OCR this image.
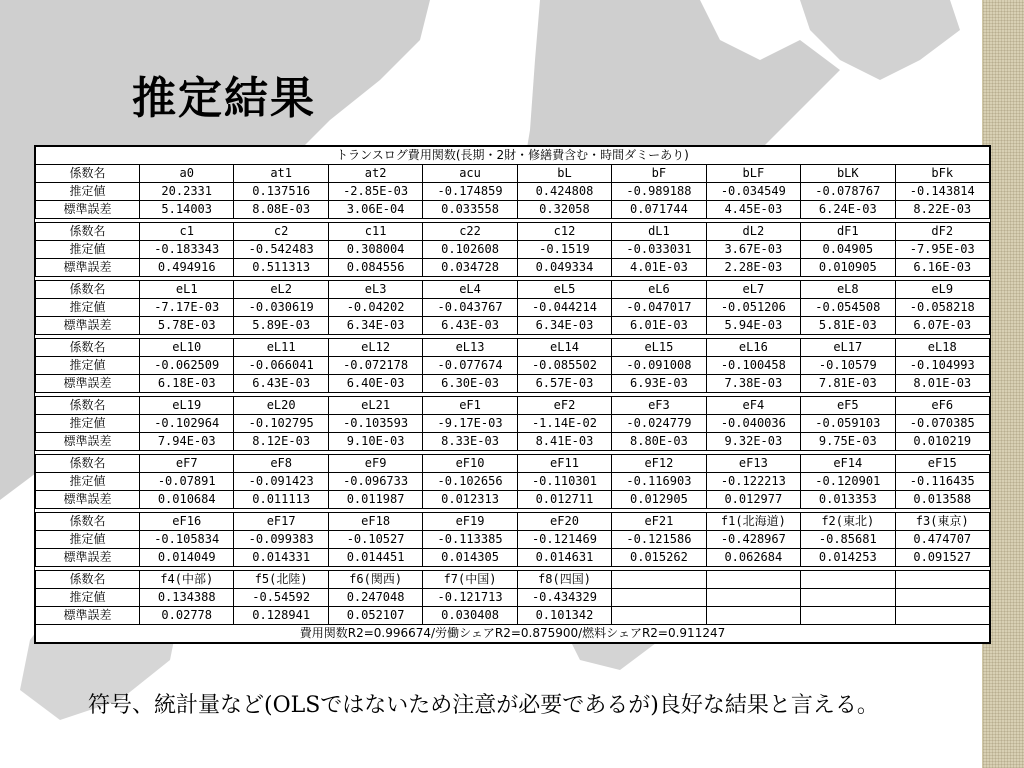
推定結果
トランスログ費用関数(長期・2財・修繕費含む・時間ダミーあり)									
係数名	a0	at1	at2	acu	bL	bF	bLF	bLK	bFk
推定値	20.2331	0.137516	-2.85E-03	-0.174859	0.424808	-0.989188	-0.034549	-0.078767	-0.143814
標準誤差	5.14003	8.08E-03	3.06E-04	0.033558	0.32058	0.071744	4.45E-03	6.24E-03	8.22E-03

係数名	c1	c2	c11	c22	c12	dL1	dL2	dF1	dF2
推定値	-0.183343	-0.542483	0.308004	0.102608	-0.1519	-0.033031	3.67E-03	0.04905	-7.95E-03
標準誤差	0.494916	0.511313	0.084556	0.034728	0.049334	4.01E-03	2.28E-03	0.010905	6.16E-03

係数名	eL1	eL2	eL3	eL4	eL5	eL6	eL7	eL8	eL9
推定値	-7.17E-03	-0.030619	-0.04202	-0.043767	-0.044214	-0.047017	-0.051206	-0.054508	-0.058218
標準誤差	5.78E-03	5.89E-03	6.34E-03	6.43E-03	6.34E-03	6.01E-03	5.94E-03	5.81E-03	6.07E-03

係数名	eL10	eL11	eL12	eL13	eL14	eL15	eL16	eL17	eL18
推定値	-0.062509	-0.066041	-0.072178	-0.077674	-0.085502	-0.091008	-0.100458	-0.10579	-0.104993
標準誤差	6.18E-03	6.43E-03	6.40E-03	6.30E-03	6.57E-03	6.93E-03	7.38E-03	7.81E-03	8.01E-03

係数名	eL19	eL20	eL21	eF1	eF2	eF3	eF4	eF5	eF6
推定値	-0.102964	-0.102795	-0.103593	-9.17E-03	-1.14E-02	-0.024779	-0.040036	-0.059103	-0.070385
標準誤差	7.94E-03	8.12E-03	9.10E-03	8.33E-03	8.41E-03	8.80E-03	9.32E-03	9.75E-03	0.010219

係数名	eF7	eF8	eF9	eF10	eF11	eF12	eF13	eF14	eF15
推定値	-0.07891	-0.091423	-0.096733	-0.102656	-0.110301	-0.116903	-0.122213	-0.120901	-0.116435
標準誤差	0.010684	0.011113	0.011987	0.012313	0.012711	0.012905	0.012977	0.013353	0.013588

係数名	eF16	eF17	eF18	eF19	eF20	eF21	f1(北海道)	f2(東北)	f3(東京)
推定値	-0.105834	-0.099383	-0.10527	-0.113385	-0.121469	-0.121586	-0.428967	-0.85681	0.474707
標準誤差	0.014049	0.014331	0.014451	0.014305	0.014631	0.015262	0.062684	0.014253	0.091527

係数名	f4(中部)	f5(北陸)	f6(関西)	f7(中国)	f8(四国)				
推定値	0.134388	-0.54592	0.247048	-0.121713	-0.434329				
標準誤差	0.02778	0.128941	0.052107	0.030408	0.101342				
費用関数R2=0.996674/労働シェアR2=0.875900/燃料シェアR2=0.911247									
符号、統計量など(OLSではないため注意が必要であるが)良好な結果と言える。
